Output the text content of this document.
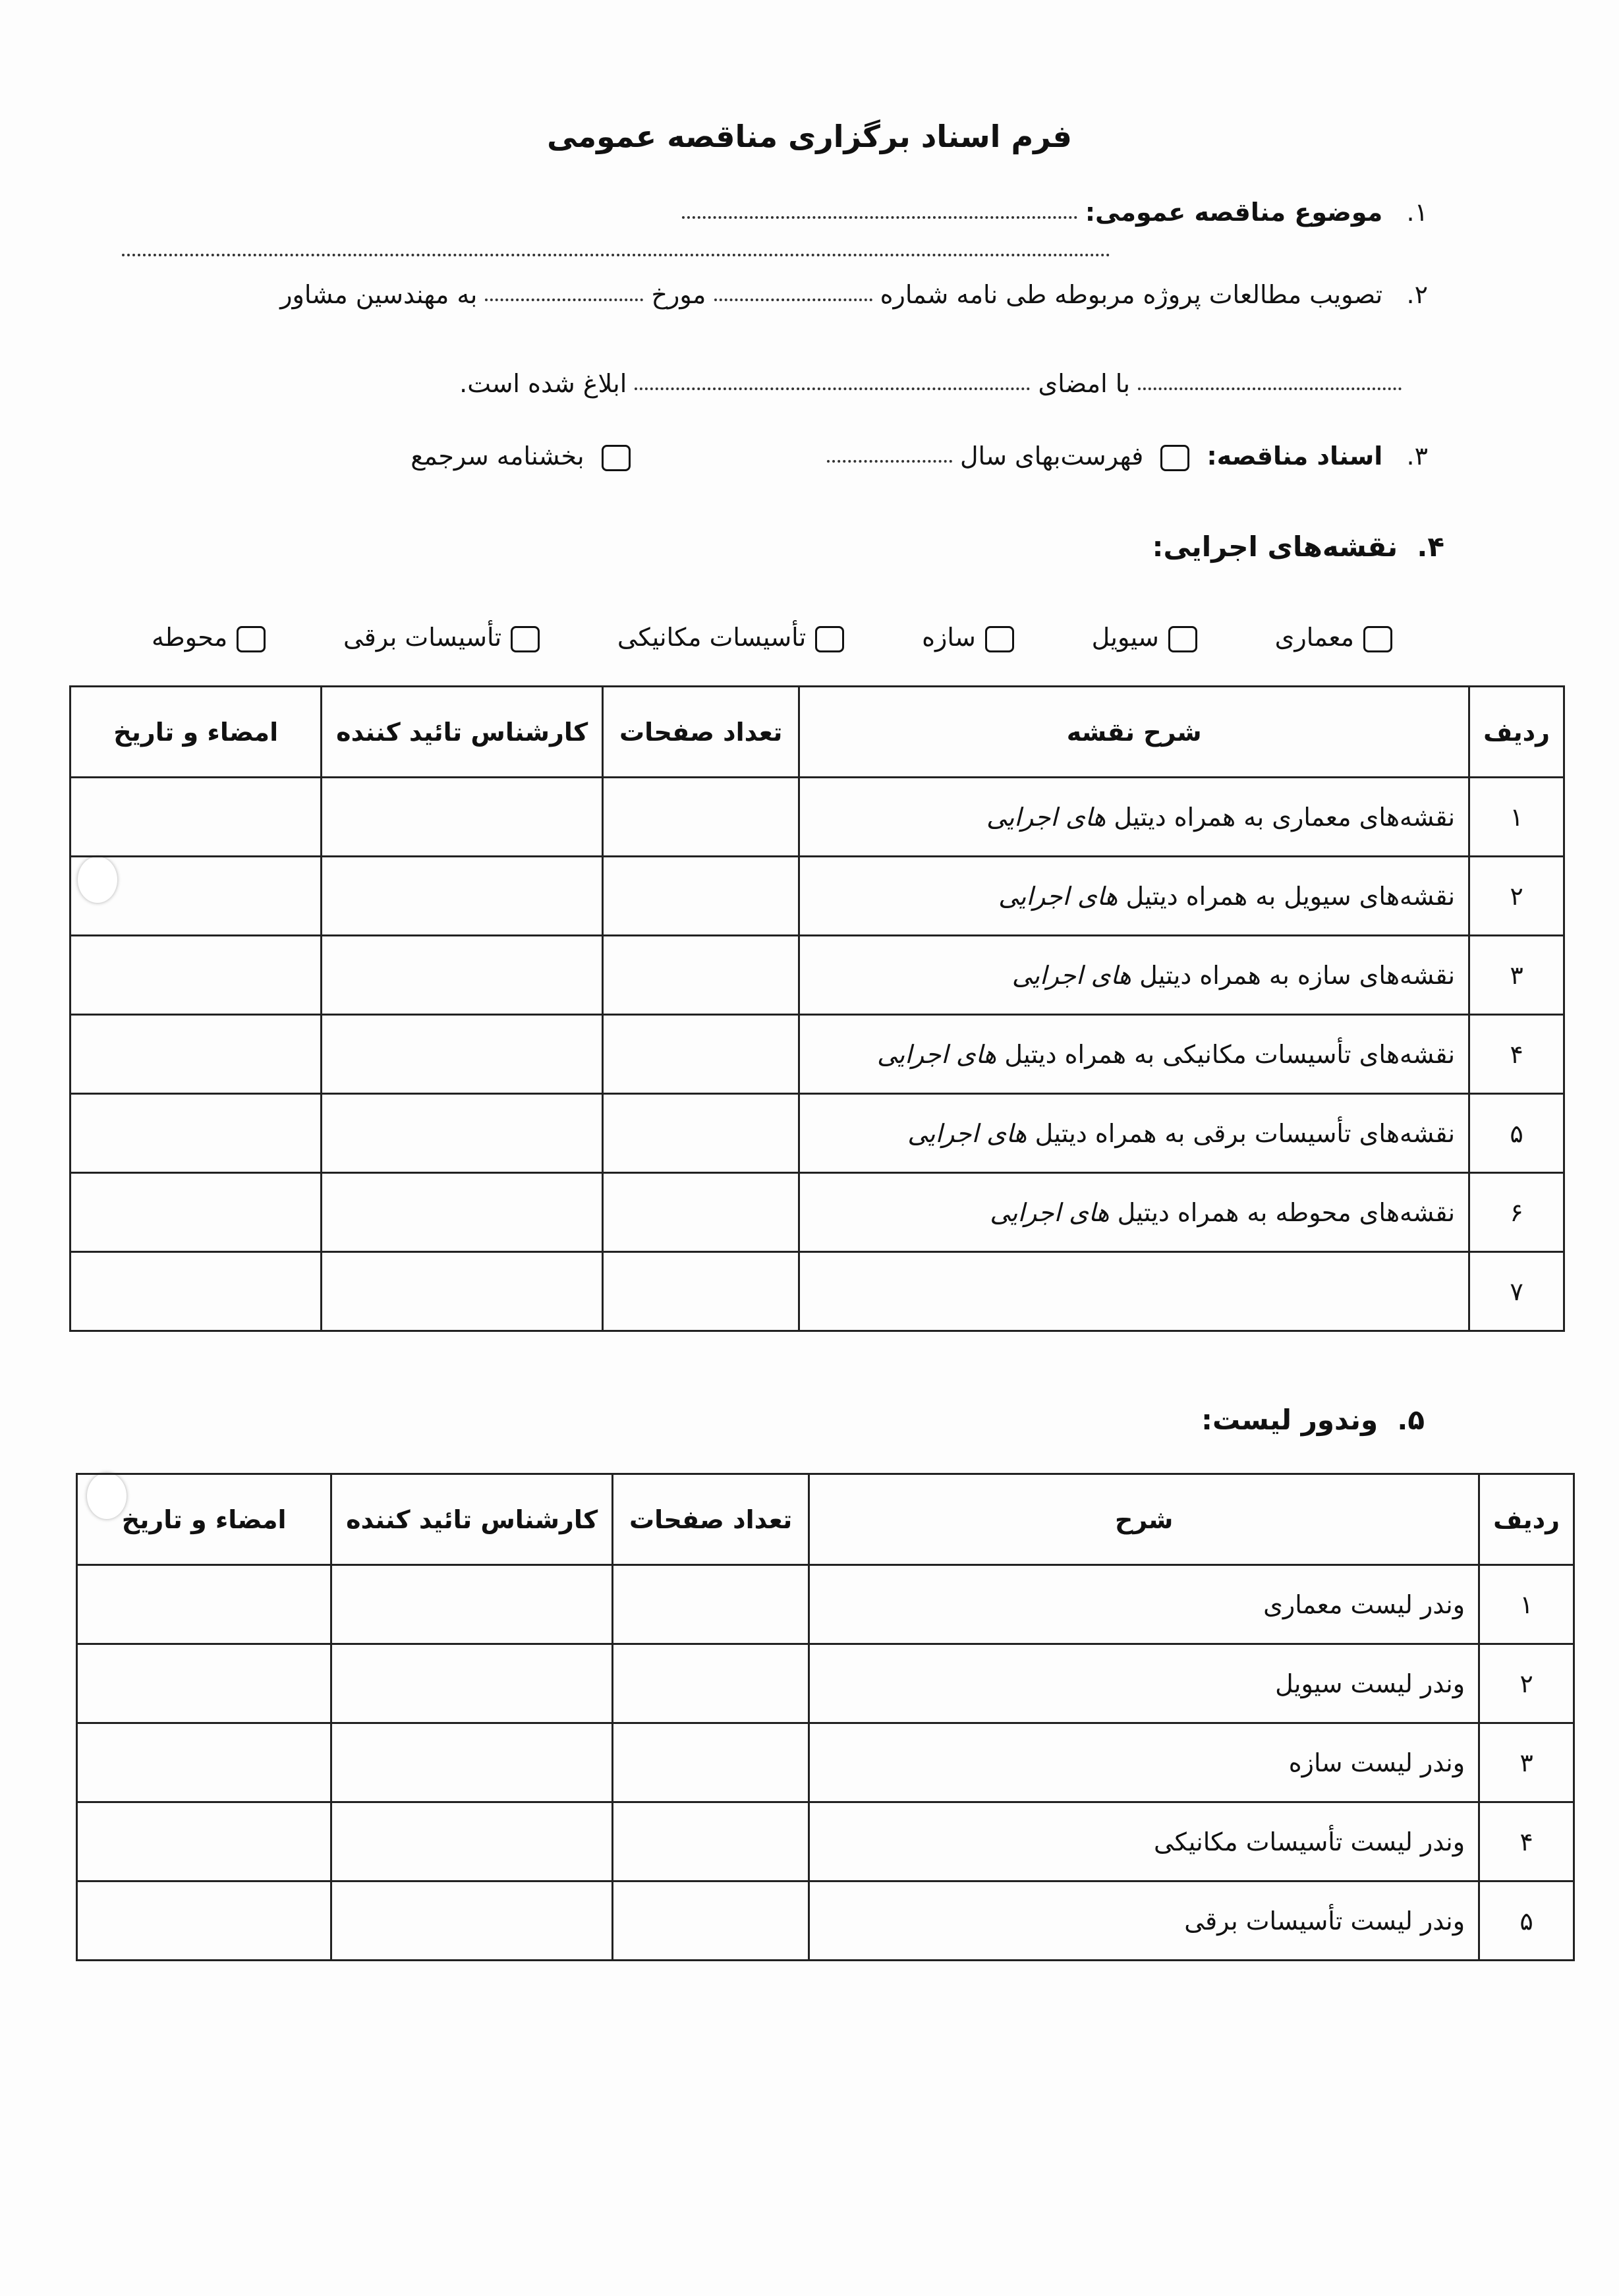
فرم اسناد برگزاری مناقصه عمومی
۱.   موضوع مناقصه عمومی:
۲.   تصویب مطالعات پروژه مربوطه طی نامه شماره  مورخ  به مهندسین مشاور
با امضای  ابلاغ شده است.
۳.   اسناد مناقصه:  فهرست‌بهای سال    بخشنامه سرجمع
۴.  نقشه‌های اجرایی:
معماری
سیویل
سازه
تأسیسات مکانیکی
تأسیسات برقی
محوطه
ردیف	شرح نقشه	تعداد صفحات	کارشناس تائید کننده	امضاء و تاریخ
۱	نقشه‌های معماری به همراه دیتیل های اجرایی			
۲	نقشه‌های سیویل به همراه دیتیل های اجرایی			
۳	نقشه‌های سازه به همراه دیتیل های اجرایی			
۴	نقشه‌های تأسیسات مکانیکی به همراه دیتیل های اجرایی			
۵	نقشه‌های تأسیسات برقی به همراه دیتیل های اجرایی			
۶	نقشه‌های محوطه به همراه دیتیل های اجرایی			
۷				
۵.  وندور لیست:
ردیف	شرح	تعداد صفحات	کارشناس تائید کننده	امضاء و تاریخ
۱	وندر لیست معماری			
۲	وندر لیست سیویل			
۳	وندر لیست سازه			
۴	وندر لیست تأسیسات مکانیکی			
۵	وندر لیست تأسیسات برقی			
